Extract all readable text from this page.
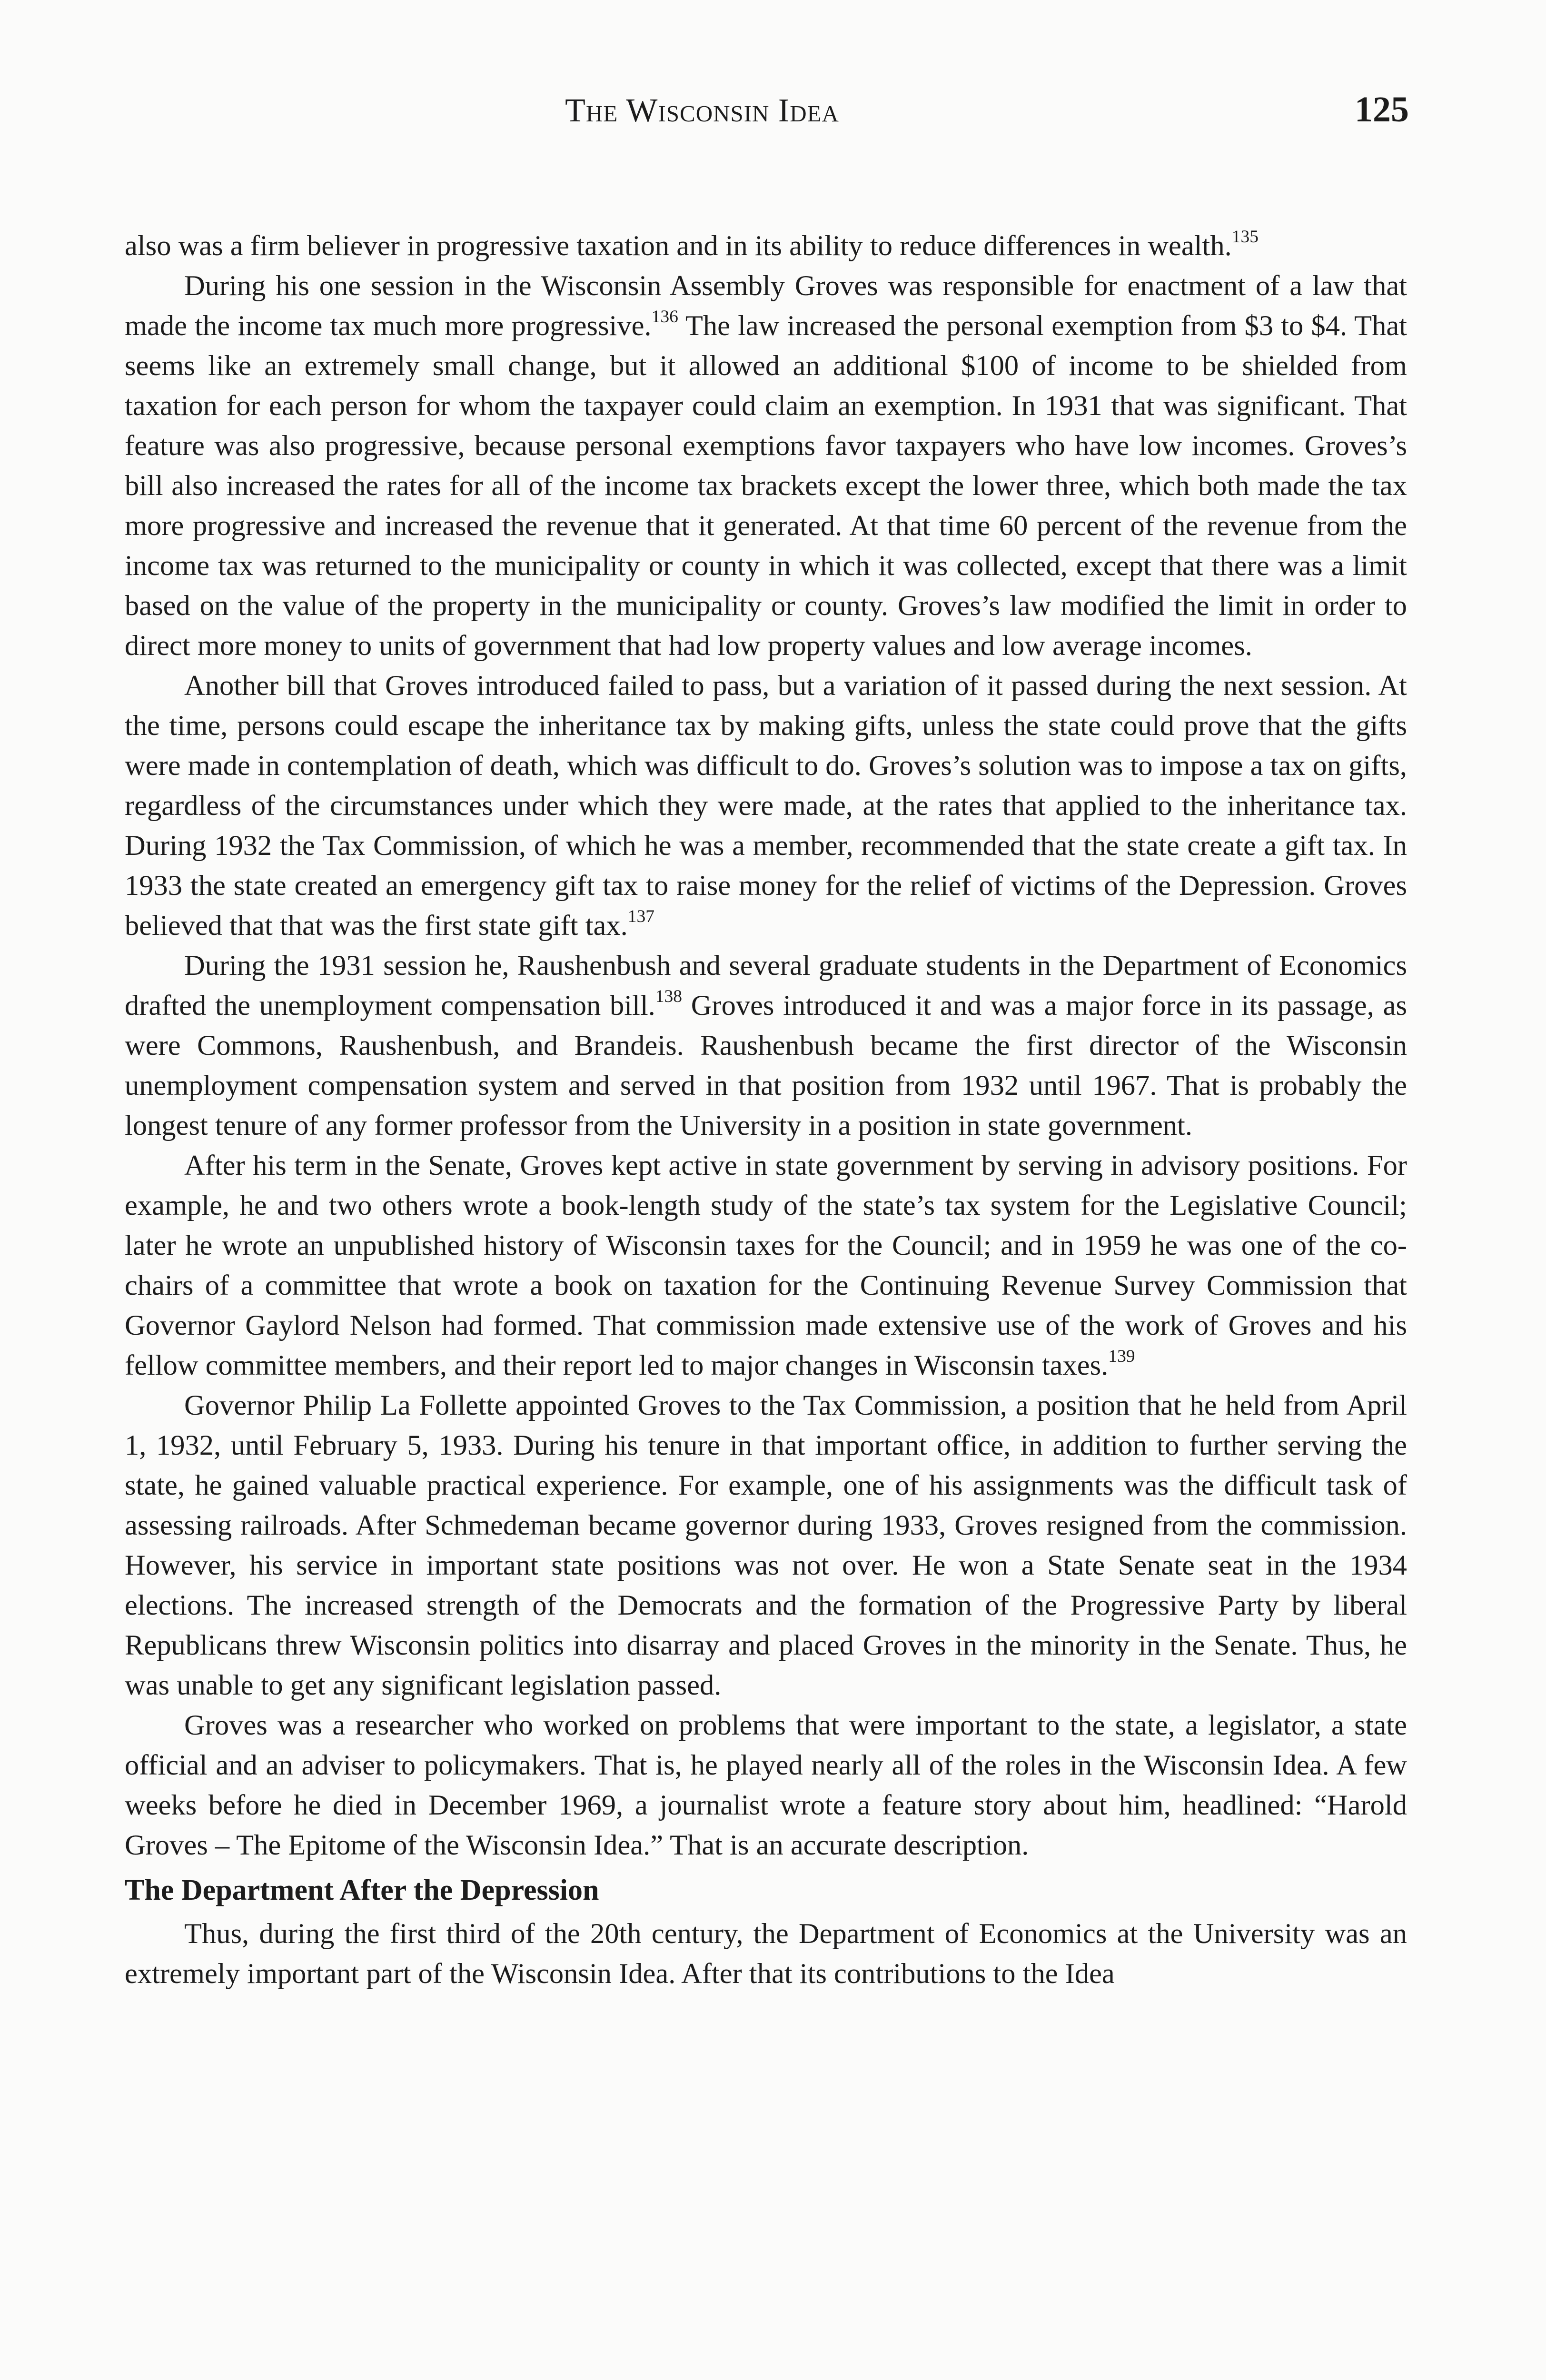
The Wisconsin Idea	125

also was a firm believer in progressive taxation and in its ability to reduce differences in wealth.$^{135}$

During his one session in the Wisconsin Assembly Groves was responsible for enactment of a law that made the income tax much more progressive.$^{136}$ The law increased the personal exemption from $3 to $4. That seems like an extremely small change, but it allowed an additional $100 of income to be shielded from taxation for each person for whom the taxpayer could claim an exemption. In 1931 that was significant. That feature was also progressive, because personal exemptions favor taxpayers who have low incomes. Groves’s bill also increased the rates for all of the income tax brackets except the lower three, which both made the tax more progressive and increased the revenue that it generated. At that time 60 percent of the revenue from the income tax was returned to the municipality or county in which it was collected, except that there was a limit based on the value of the property in the municipality or county. Groves’s law modified the limit in order to direct more money to units of government that had low property values and low average incomes.

Another bill that Groves introduced failed to pass, but a variation of it passed during the next session. At the time, persons could escape the inheritance tax by making gifts, unless the state could prove that the gifts were made in contemplation of death, which was difficult to do. Groves’s solution was to impose a tax on gifts, regardless of the circumstances under which they were made, at the rates that applied to the inheritance tax. During 1932 the Tax Commission, of which he was a member, recommended that the state create a gift tax. In 1933 the state created an emergency gift tax to raise money for the relief of victims of the Depression. Groves believed that that was the first state gift tax.$^{137}$

During the 1931 session he, Raushenbush and several graduate students in the Department of Economics drafted the unemployment compensation bill.$^{138}$ Groves introduced it and was a major force in its passage, as were Commons, Raushenbush, and Brandeis. Raushenbush became the first director of the Wisconsin unemployment compensation system and served in that position from 1932 until 1967. That is probably the longest tenure of any former professor from the University in a position in state government.

After his term in the Senate, Groves kept active in state government by serving in advisory positions. For example, he and two others wrote a book-length study of the state’s tax system for the Legislative Council; later he wrote an unpublished history of Wisconsin taxes for the Council; and in 1959 he was one of the co-chairs of a committee that wrote a book on taxation for the Continuing Revenue Survey Commission that Governor Gaylord Nelson had formed. That commission made extensive use of the work of Groves and his fellow committee members, and their report led to major changes in Wisconsin taxes.$^{139}$

Governor Philip La Follette appointed Groves to the Tax Commission, a position that he held from April 1, 1932, until February 5, 1933. During his tenure in that important office, in addition to further serving the state, he gained valuable practical experience. For example, one of his assignments was the difficult task of assessing railroads. After Schmedeman became governor during 1933, Groves resigned from the commission. However, his service in important state positions was not over. He won a State Senate seat in the 1934 elections. The increased strength of the Democrats and the formation of the Progressive Party by liberal Republicans threw Wisconsin politics into disarray and placed Groves in the minority in the Senate. Thus, he was unable to get any significant legislation passed.

Groves was a researcher who worked on problems that were important to the state, a legislator, a state official and an adviser to policymakers. That is, he played nearly all of the roles in the Wisconsin Idea. A few weeks before he died in December 1969, a journalist wrote a feature story about him, headlined: “Harold Groves – The Epitome of the Wisconsin Idea.” That is an accurate description.

The Department After the Depression

Thus, during the first third of the 20th century, the Department of Economics at the University was an extremely important part of the Wisconsin Idea. After that its contributions to the Idea
